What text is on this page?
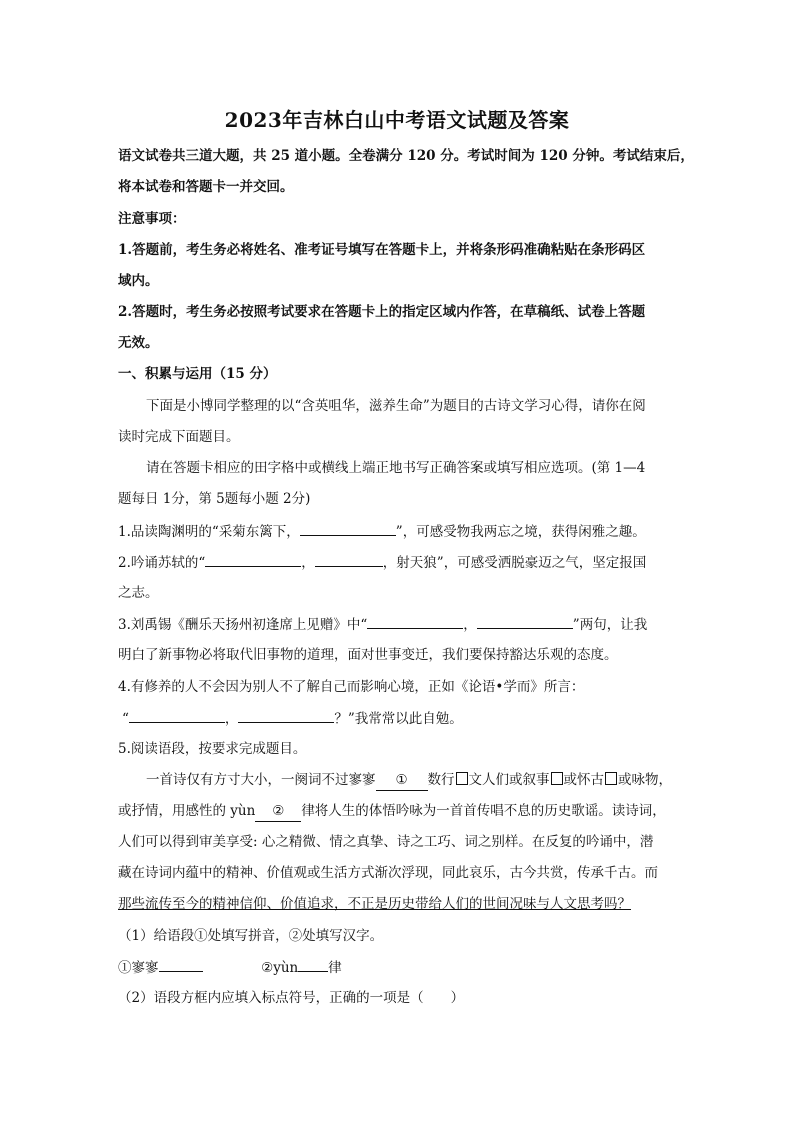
2023年吉林白山中考语文试题及答案
语文试卷共三道大题，共 25 道小题。全卷满分 120 分。考试时间为 120 分钟。考试结束后，
将本试卷和答题卡一并交回。
注意事项：
1.答题前，考生务必将姓名、准考证号填写在答题卡上，并将条形码准确粘贴在条形码区
域内。
2.答题时，考生务必按照考试要求在答题卡上的指定区域内作答，在草稿纸、试卷上答题
无效。
一、积累与运用（15 分）
下面是小博同学整理的以“含英咀华，滋养生命”为题目的古诗文学习心得，请你在阅
读时完成下面题目。
请在答题卡相应的田字格中或横线上端正地书写正确答案或填写相应选项。(第 1—4
题每日 1分，第 5题每小题 2分)
1.品读陶渊明的“采菊东篱下，	”，可感受物我两忘之境，获得闲雅之趣。
2.吟诵苏轼的“	，	，射天狼”，可感受洒脱豪迈之气，坚定报国
之志。
3.刘禹锡《酬乐天扬州初逢席上见赠》中“	，	”两句，让我
明白了新事物必将取代旧事物的道理，面对世事变迁，我们要保持豁达乐观的态度。
4.有修养的人不会因为别人不了解自己而影响心境，正如《论语•学而》所言：
“	，	？”我常常以此自勉。
5.阅读语段，按要求完成题目。
一首诗仅有方寸大小，一阕词不过寥寥 ① 数行 文人们或叙事 或怀古 或咏物，
或抒情，用感性的 yùn ② 律将人生的体悟吟咏为一首首传唱不息的历史歌谣。读诗词，
人们可以得到审美享受: 心之精微、情之真挚、诗之工巧、词之别样。在反复的吟诵中，潜
藏在诗词内蕴中的精神、价值观或生活方式渐次浮现，同此哀乐，古今共赏，传承千古。而
那些流传至今的精神信仰、价值追求，不正是历史带给人们的世间况味与人文思考吗？
（1）给语段①处填写拼音，②处填写汉字。
①寥寥	②yùn 律
（2）语段方框内应填入标点符号，正确的一项是（　　）
